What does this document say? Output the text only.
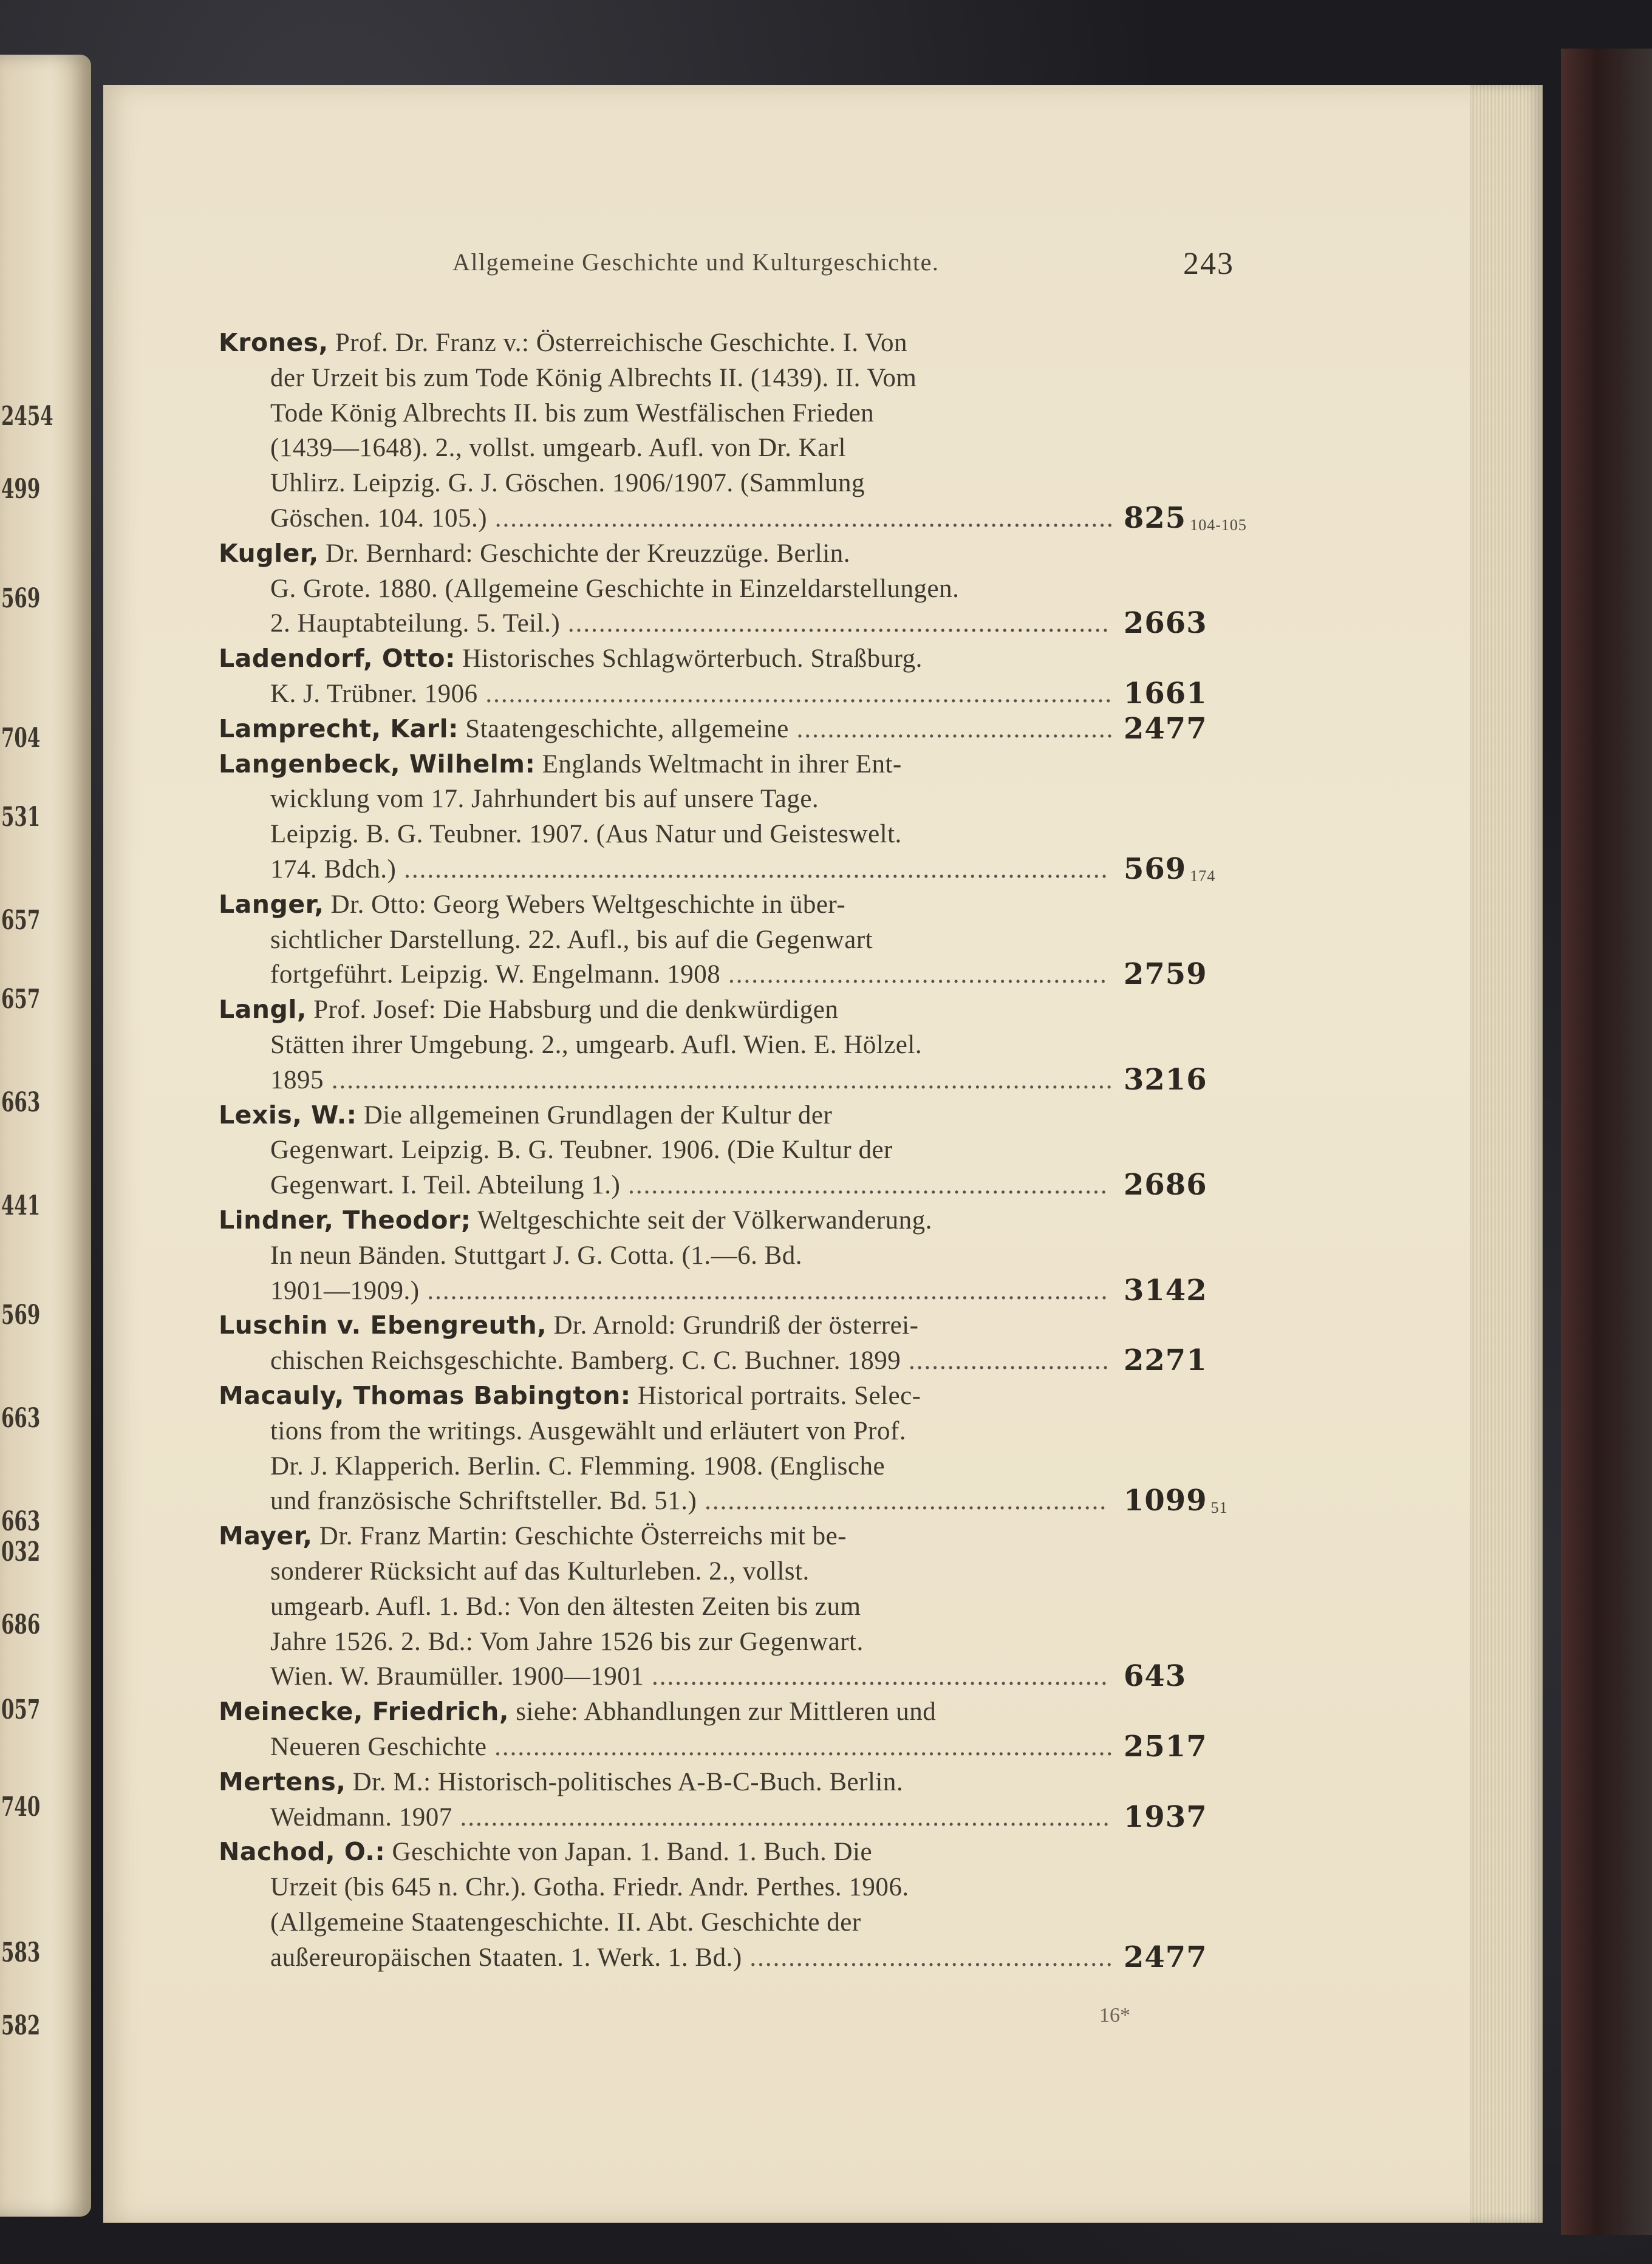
2454
499
569
704
531
657
657
663
441
569
663
663
032
686
057
740
583
582
Allgemeine Geschichte und Kulturgeschichte.	243
Krones, Prof. Dr. Franz v.: Österreichische Geschichte. I. Von
der Urzeit bis zum Tode König Albrechts II. (1439). II. Vom
Tode König Albrechts II. bis zum Westfälischen Frieden
(1439—1648). 2., vollst. umgearb. Aufl. von Dr. Karl
Uhlirz. Leipzig. G. J. Göschen. 1906/1907. (Sammlung
825 104-105
Göschen. 104. 105.) ................................................................................
Kugler, Dr. Bernhard: Geschichte der Kreuzzüge. Berlin.
G. Grote. 1880. (Allgemeine Geschichte in Einzeldarstellungen.
2663
2. Hauptabteilung. 5. Teil.) ......................................................................
Ladendorf, Otto: Historisches Schlagwörterbuch. Straßburg.
1661
K. J. Trübner. 1906 .................................................................................
2477
Lamprecht, Karl: Staatengeschichte, allgemeine .........................................
Langenbeck, Wilhelm: Englands Weltmacht in ihrer Ent-
wicklung vom 17. Jahrhundert bis auf unsere Tage.
Leipzig. B. G. Teubner. 1907. (Aus Natur und Geisteswelt.
569 174
174. Bdch.) ...........................................................................................
Langer, Dr. Otto: Georg Webers Weltgeschichte in über-
sichtlicher Darstellung. 22. Aufl., bis auf die Gegenwart
2759
fortgeführt. Leipzig. W. Engelmann. 1908 .................................................
Langl, Prof. Josef: Die Habsburg und die denkwürdigen
Stätten ihrer Umgebung. 2., umgearb. Aufl. Wien. E. Hölzel.
3216
1895 .....................................................................................................
Lexis, W.: Die allgemeinen Grundlagen der Kultur der
Gegenwart. Leipzig. B. G. Teubner. 1906. (Die Kultur der
2686
Gegenwart. I. Teil. Abteilung 1.) ..............................................................
Lindner, Theodor; Weltgeschichte seit der Völkerwanderung.
In neun Bänden. Stuttgart J. G. Cotta. (1.—6. Bd.
3142
1901—1909.) ........................................................................................
Luschin v. Ebengreuth, Dr. Arnold: Grundriß der österrei-
2271
chischen Reichsgeschichte. Bamberg. C. C. Buchner. 1899 ..........................
Macauly, Thomas Babington: Historical portraits. Selec-
tions from the writings. Ausgewählt und erläutert von Prof.
Dr. J. Klapperich. Berlin. C. Flemming. 1908. (Englische
1099 51
und französische Schriftsteller. Bd. 51.) ....................................................
Mayer, Dr. Franz Martin: Geschichte Österreichs mit be-
sonderer Rücksicht auf das Kulturleben. 2., vollst.
umgearb. Aufl. 1. Bd.: Von den ältesten Zeiten bis zum
Jahre 1526. 2. Bd.: Vom Jahre 1526 bis zur Gegenwart.
643
Wien. W. Braumüller. 1900—1901 ...........................................................
Meinecke, Friedrich, siehe: Abhandlungen zur Mittleren und
2517
Neueren Geschichte ................................................................................
Mertens, Dr. M.: Historisch-politisches A-B-C-Buch. Berlin.
1937
Weidmann. 1907 ....................................................................................
Nachod, O.: Geschichte von Japan. 1. Band. 1. Buch. Die
Urzeit (bis 645 n. Chr.). Gotha. Friedr. Andr. Perthes. 1906.
(Allgemeine Staatengeschichte. II. Abt. Geschichte der
2477
außereuropäischen Staaten. 1. Werk. 1. Bd.) ...............................................
16*
